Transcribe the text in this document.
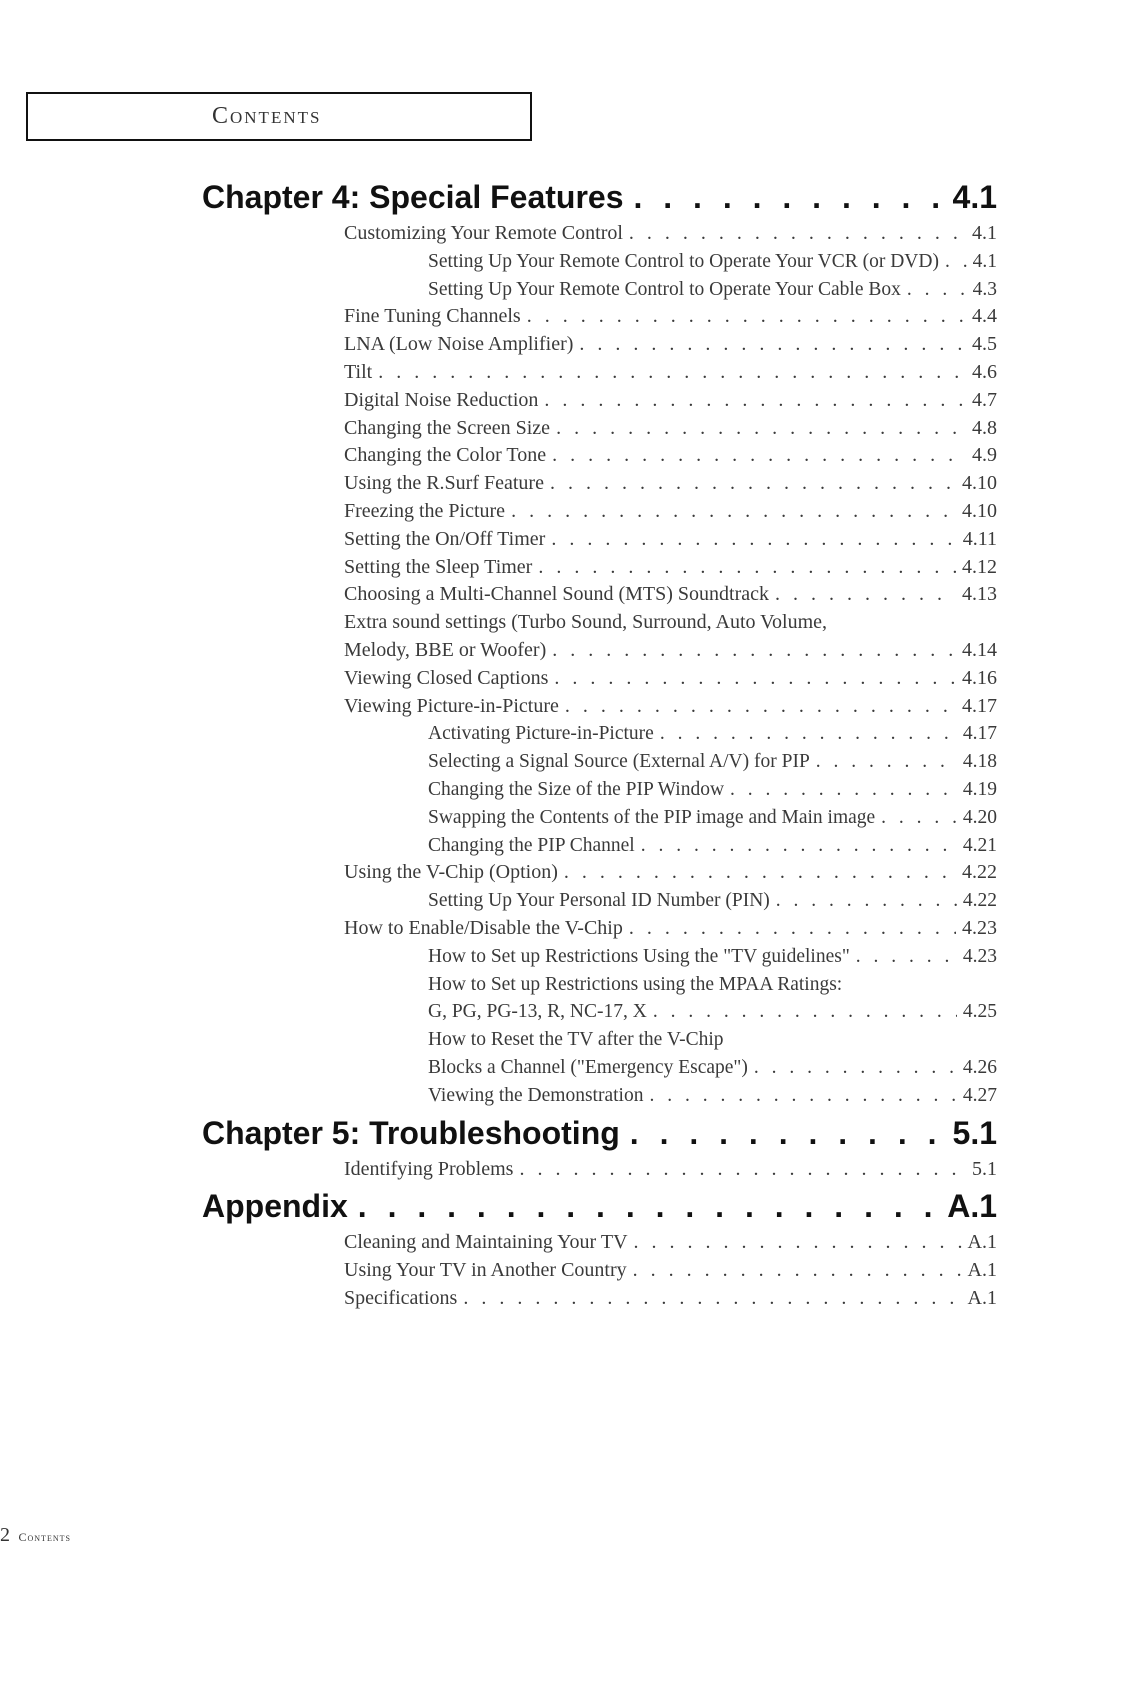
Contents
Chapter 4: Special Features . . .	4.1
Customizing Your Remote Control . . .	4.1
Setting Up Your Remote Control to Operate Your VCR (or DVD) . . . 4.1
Setting Up Your Remote Control to Operate Your Cable Box . . .	4.3
Fine Tuning Channels . . .	4.4
LNA (Low Noise Amplifier) . . .	4.5
Tilt . . .	4.6
Digital Noise Reduction . . .	4.7
Changing the Screen Size . . .	4.8
Changing the Color Tone . . .	4.9
Using the R.Surf Feature . . .	4.10
Freezing the Picture . . .	4.10
Setting the On/Off Timer . . .	4.11
Setting the Sleep Timer . . .	4.12
Choosing a Multi-Channel Sound (MTS) Soundtrack . . .	4.13
Extra sound settings (Turbo Sound, Surround, Auto Volume,
Melody, BBE or Woofer) . . .	4.14
Viewing Closed Captions . . .	4.16
Viewing Picture-in-Picture . . .	4.17
Activating Picture-in-Picture . . .	4.17
Selecting a Signal Source (External A/V) for PIP . . .	4.18
Changing the Size of the PIP Window . . .	4.19
Swapping the Contents of the PIP image and Main image . . .	4.20
Changing the PIP Channel . . .	4.21
Using the V-Chip (Option) . . .	4.22
Setting Up Your Personal ID Number (PIN) . . .	4.22
How to Enable/Disable the V-Chip . . .	4.23
How to Set up Restrictions Using the "TV guidelines" . . .	4.23
How to Set up Restrictions using the MPAA Ratings:
G, PG, PG-13, R, NC-17, X . . .	4.25
How to Reset the TV after the V-Chip
Blocks a Channel ("Emergency Escape") . . .	4.26
Viewing the Demonstration . . .	4.27
Chapter 5: Troubleshooting . . .	5.1
Identifying Problems . . .	5.1
Appendix . . .	A.1
Cleaning and Maintaining Your TV . . .	A.1
Using Your TV in Another Country . . .	A.1
Specifications . . .	A.1
2 Contents
